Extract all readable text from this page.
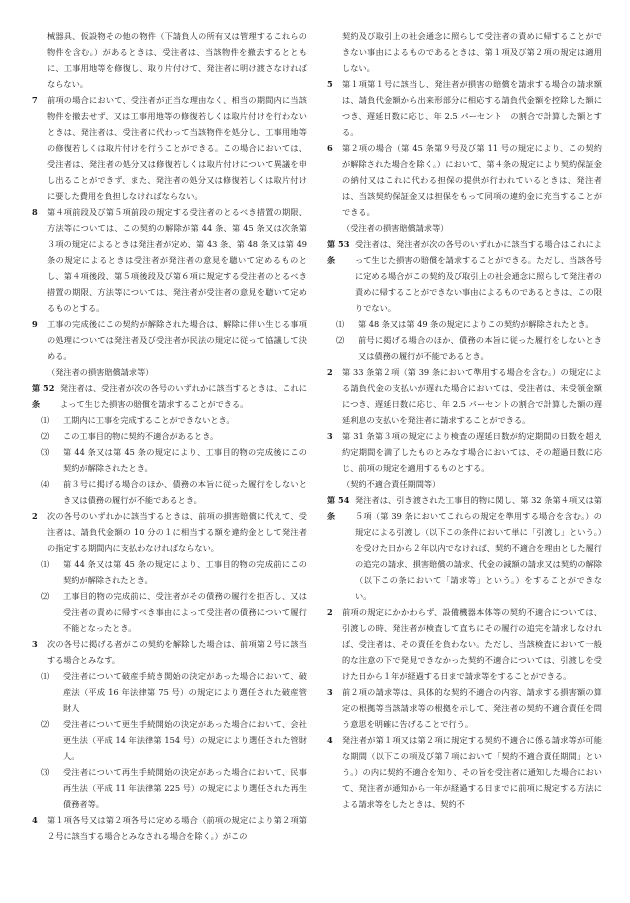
械器具、仮設物その他の物件（下請負人の所有又は管理するこれらの物件を含む。）があるときは、受注者は、当該物件を撤去するとともに、工事用地等を修復し、取り片付けて、発注者に明け渡さなければならない。
7	前項の場合において、受注者が正当な理由なく、相当の期間内に当該物件を撤去せず、又は工事用地等の修復若しくは取片付けを行わないときは、発注者は、受注者に代わって当該物件を処分し、工事用地等の修復若しくは取片付けを行うことができる。この場合においては、受注者は、発注者の処分又は修復若しくは取片付けについて異議を申し出ることができず、また、発注者の処分又は修復若しくは取片付けに要した費用を負担しなければならない。
8	第４項前段及び第５項前段の規定する受注者のとるべき措置の期限、方法等については、この契約の解除が第 44 条、第 45 条又は次条第３項の規定によるときは発注者が定め、第 43 条、第 48 条又は第 49 条の規定によるときは受注者が発注者の意見を聴いて定めるものとし、第４項後段、第５項後段及び第６項に規定する受注者のとるべき措置の期限、方法等については、発注者が受注者の意見を聴いて定めるものとする。
9	工事の完成後にこの契約が解除された場合は、解除に伴い生じる事項の処理については発注者及び受注者が民法の規定に従って協議して決める。
（発注者の損害賠償請求等）
第 52 条
発注者は、受注者が次の各号のいずれかに該当するときは、これによって生じた損害の賠償を請求することができる。
⑴	工期内に工事を完成することができないとき。
⑵	この工事目的物に契約不適合があるとき。
⑶	第 44 条又は第 45 条の規定により、工事目的物の完成後にこの契約が解除されたとき。
⑷	前３号に掲げる場合のほか、債務の本旨に従った履行をしないとき又は債務の履行が不能であるとき。
2	次の各号のいずれかに該当するときは、前項の損害賠償に代えて、受注者は、請負代金額の 10 分の１に相当する額を違約金として発注者の指定する期間内に支払わなければならない。
⑴	第 44 条又は第 45 条の規定により、工事目的物の完成前にこの契約が解除されたとき。
⑵	工事目的物の完成前に、受注者がその債務の履行を拒否し、又は受注者の責めに帰すべき事由によって受注者の債務について履行不能となったとき。
3	次の各号に掲げる者がこの契約を解除した場合は、前項第２号に該当する場合とみなす。
⑴	受注者について破産手続き開始の決定があった場合において、破産法（平成 16 年法律第 75 号）の規定により選任された破産管財人
⑵	受注者について更生手続開始の決定があった場合において、会社更生法（平成 14 年法律第 154 号）の規定により選任された管財人。
⑶	受注者について再生手続開始の決定があった場合において、民事再生法（平成 11 年法律第 225 号）の規定により選任された再生債務者等。
4	第１項各号又は第２項各号に定める場合（前項の規定により第２項第２号に該当する場合とみなされる場合を除く。）がこの
契約及び取引上の社会通念に照らして受注者の責めに帰することができない事由によるものであるときは、第１項及び第２項の規定は適用しない。
5	第１項第１号に該当し、発注者が損害の賠償を請求する場合の請求額は、請負代金額から出来形部分に相応する請負代金額を控除した額につき、遅延日数に応じ、年 2.5 パーセント　の割合で計算した額とする。
6	第２項の場合（第 45 条第９号及び第 11 号の規定により、この契約が解除された場合を除く。）において、第４条の規定により契約保証金の納付又はこれに代わる担保の提供が行われているときは、発注者は、当該契約保証金又は担保をもって同項の違約金に充当することができる。
（受注者の損害賠償請求等）
第 53 条
受注者は、発注者が次の各号のいずれかに該当する場合はこれによって生じた損害の賠償を請求することができる。ただし、当該各号に定める場合がこの契約及び取引上の社会通念に照らして発注者の責めに帰することができない事由によるものであるときは、この限りでない。
⑴	第 48 条又は第 49 条の規定によりこの契約が解除されたとき。
⑵	前号に掲げる場合のほか、債務の本旨に従った履行をしないとき又は債務の履行が不能であるとき。
2	第 33 条第２項（第 39 条において準用する場合を含む。）の規定による請負代金の支払いが遅れた場合においては、受注者は、未受領金額につき、遅延日数に応じ、年 2.5 パーセントの割合で計算した額の遅延利息の支払いを発注者に請求することができる。
3	第 31 条第３項の規定により検査の遅延日数が約定期間の日数を超え約定期間を満了したものとみなす場合においては、その超過日数に応じ、前項の規定を適用するものとする。
（契約不適合責任期間等）
第 54 条
発注者は、引き渡された工事目的物に関し、第 32 条第４項又は第５項（第 39 条においてこれらの規定を準用する場合を含む。）の規定による引渡し（以下この条件において単に「引渡し」という。）を受けた日から２年以内でなければ、契約不適合を理由とした履行の追完の請求、損害賠償の請求、代金の減額の請求又は契約の解除（以下この条において「請求等」という。）をすることができない。
2	前項の規定にかかわらず、設備機器本体等の契約不適合については、引渡しの時、発注者が検査して直ちにその履行の追完を請求しなければ、受注者は、その責任を負わない。ただし、当該検査において一般的な注意の下で発見できなかった契約不適合については、引渡しを受けた日から１年が経過する日まで請求等をすることができる。
3	前２項の請求等は、具体的な契約不適合の内容、請求する損害額の算定の根拠等当該請求等の根拠を示して、発注者の契約不適合責任を問う意思を明確に告げることで行う。
4	発注者が第１項又は第２項に規定する契約不適合に係る請求等が可能な期間（以下この項及び第７項において「契約不適合責任期間」という。）の内に契約不適合を知り、その旨を受注者に通知した場合において、発注者が通知から一年が経過する日までに前項に規定する方法による請求等をしたときは、契約不
